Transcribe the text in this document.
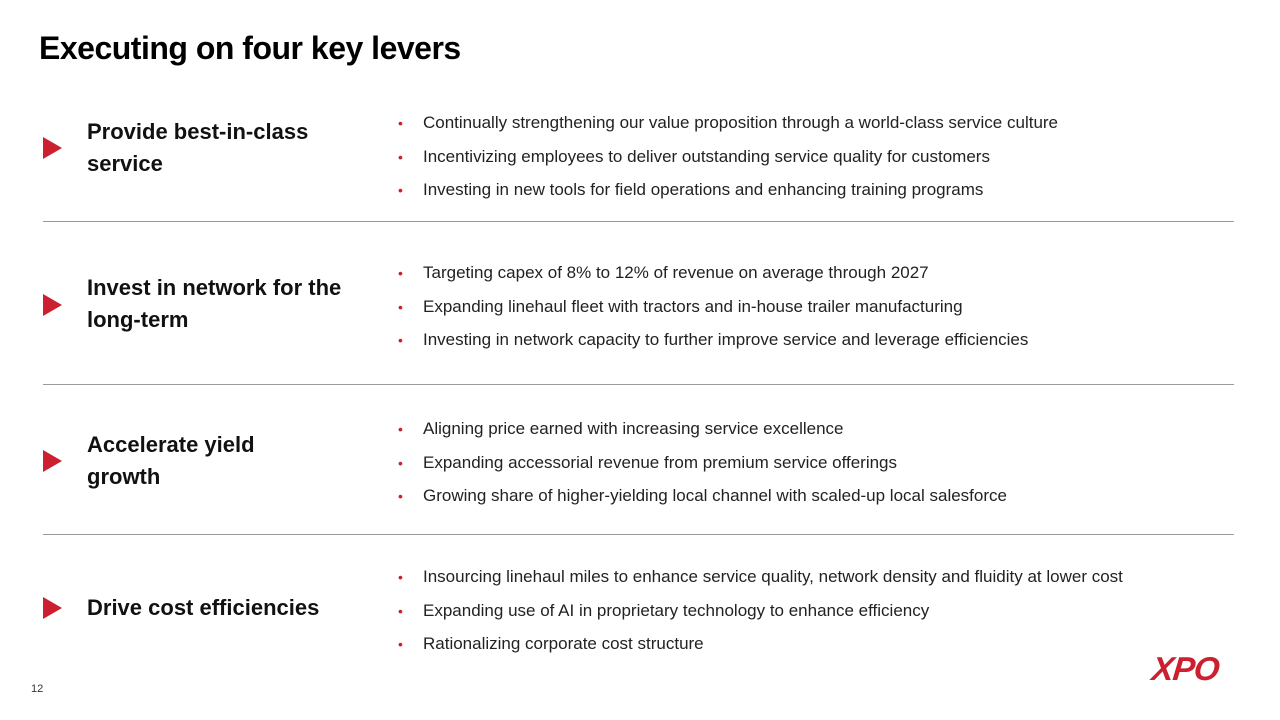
Executing on four key levers
Provide best-in-class service
• Continually strengthening our value proposition through a world-class service culture
• Incentivizing employees to deliver outstanding service quality for customers
• Investing in new tools for field operations and enhancing training programs
Invest in network for the long-term
• Targeting capex of 8% to 12% of revenue on average through 2027
• Expanding linehaul fleet with tractors and in-house trailer manufacturing
• Investing in network capacity to further improve service and leverage efficiencies
Accelerate yield growth
• Aligning price earned with increasing service excellence
• Expanding accessorial revenue from premium service offerings
• Growing share of higher-yielding local channel with scaled-up local salesforce
Drive cost efficiencies
• Insourcing linehaul miles to enhance service quality, network density and fluidity at lower cost
• Expanding use of AI in proprietary technology to enhance efficiency
• Rationalizing corporate cost structure
12
XPO
